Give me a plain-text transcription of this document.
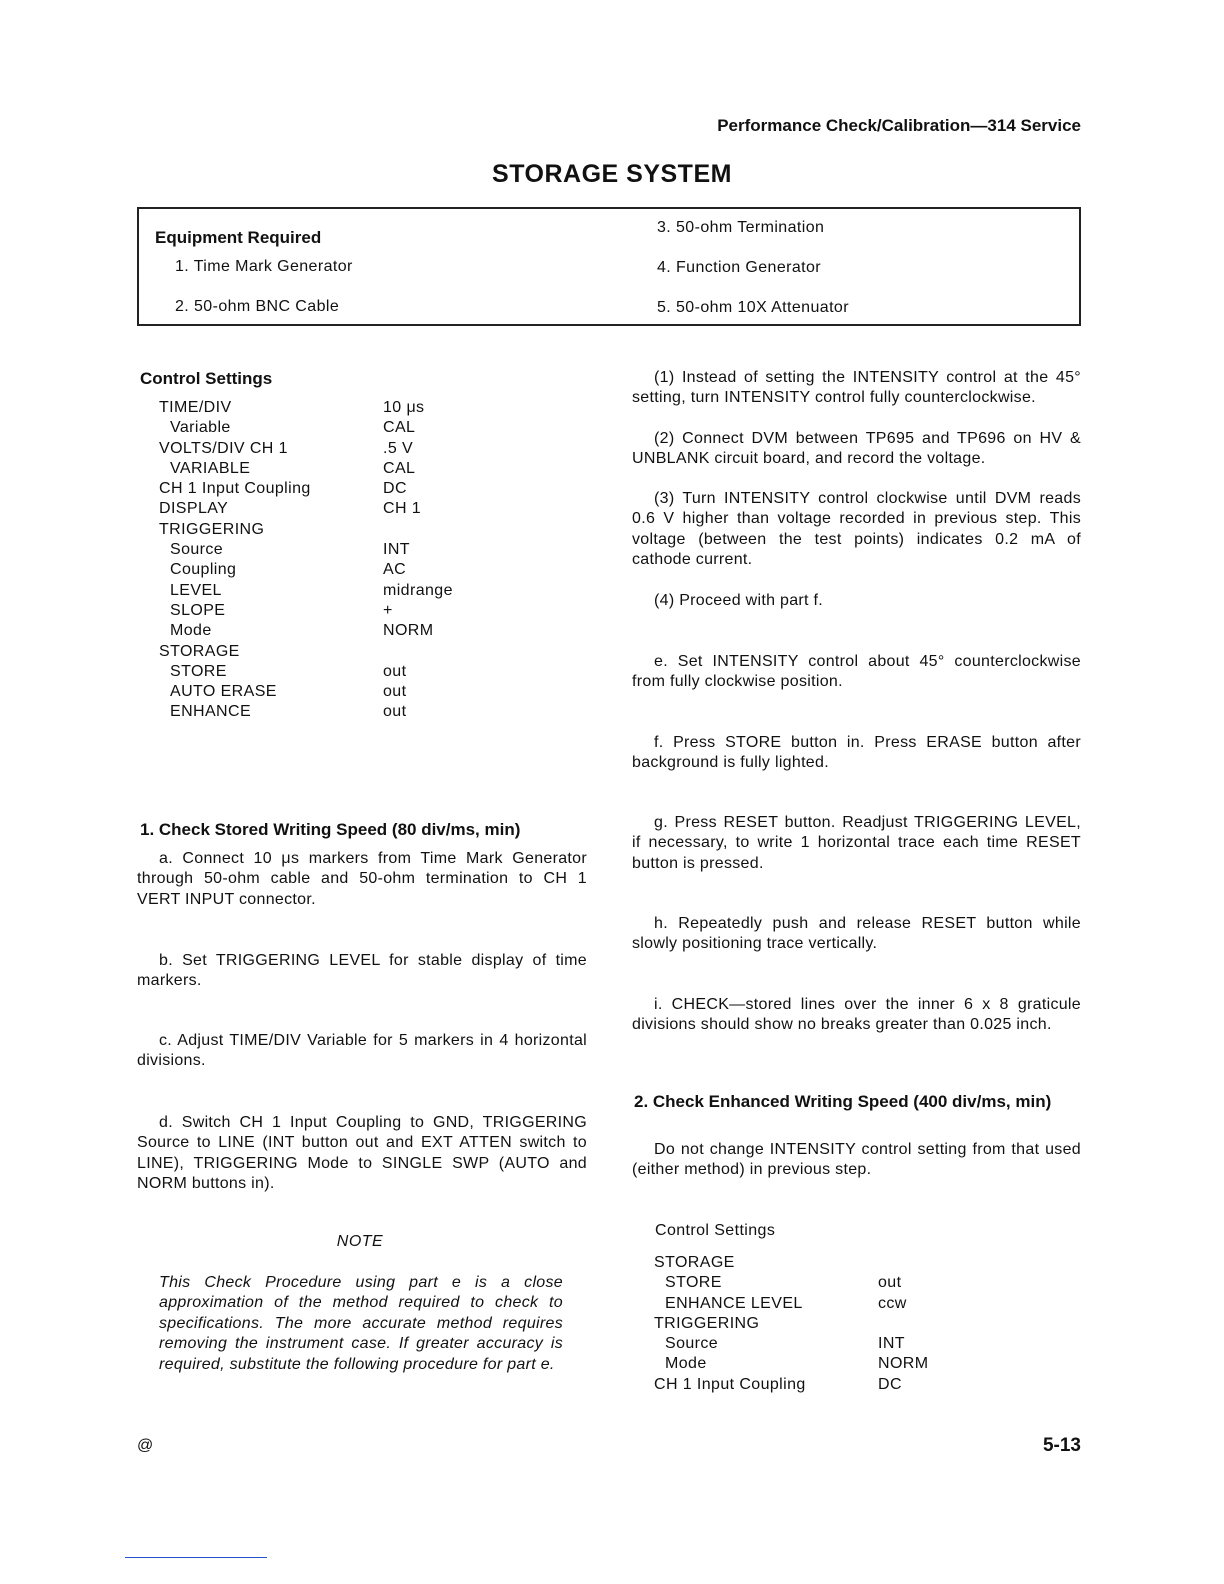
Performance Check/Calibration—314 Service
STORAGE SYSTEM
Equipment Required
1. Time Mark Generator
2. 50-ohm BNC Cable
3. 50-ohm Termination
4. Function Generator
5. 50-ohm 10X Attenuator
Control Settings
TIME/DIV	10 μs
Variable	CAL
VOLTS/DIV CH 1	.5 V
VARIABLE	CAL
CH 1 Input Coupling	DC
DISPLAY	CH 1
TRIGGERING
Source	INT
Coupling	AC
LEVEL	midrange
SLOPE	+
Mode	NORM
STORAGE
STORE	out
AUTO ERASE	out
ENHANCE	out
1. Check Stored Writing Speed (80 div/ms, min)
a. Connect 10 μs markers from Time Mark Generator through 50-ohm cable and 50-ohm termination to CH 1 VERT INPUT connector.
b. Set TRIGGERING LEVEL for stable display of time markers.
c. Adjust TIME/DIV Variable for 5 markers in 4 horizontal divisions.
d. Switch CH 1 Input Coupling to GND, TRIGGERING Source to LINE (INT button out and EXT ATTEN switch to LINE), TRIGGERING Mode to SINGLE SWP (AUTO and NORM buttons in).
NOTE
This Check Procedure using part e is a close approximation of the method required to check to specifications. The more accurate method requires removing the instrument case. If greater accuracy is required, substitute the following procedure for part e.
(1) Instead of setting the INTENSITY control at the 45° setting, turn INTENSITY control fully counterclockwise.
(2) Connect DVM between TP695 and TP696 on HV & UNBLANK circuit board, and record the voltage.
(3) Turn INTENSITY control clockwise until DVM reads 0.6 V higher than voltage recorded in previous step. This voltage (between the test points) indicates 0.2 mA of cathode current.
(4) Proceed with part f.
e. Set INTENSITY control about 45° counterclockwise from fully clockwise position.
f. Press STORE button in. Press ERASE button after background is fully lighted.
g. Press RESET button. Readjust TRIGGERING LEVEL, if necessary, to write 1 horizontal trace each time RESET button is pressed.
h. Repeatedly push and release RESET button while slowly positioning trace vertically.
i. CHECK—stored lines over the inner 6 x 8 graticule divisions should show no breaks greater than 0.025 inch.
2. Check Enhanced Writing Speed (400 div/ms, min)
Do not change INTENSITY control setting from that used (either method) in previous step.
Control Settings
STORAGE
STORE	out
ENHANCE LEVEL	ccw
TRIGGERING
Source	INT
Mode	NORM
CH 1 Input Coupling	DC
@	5-13
